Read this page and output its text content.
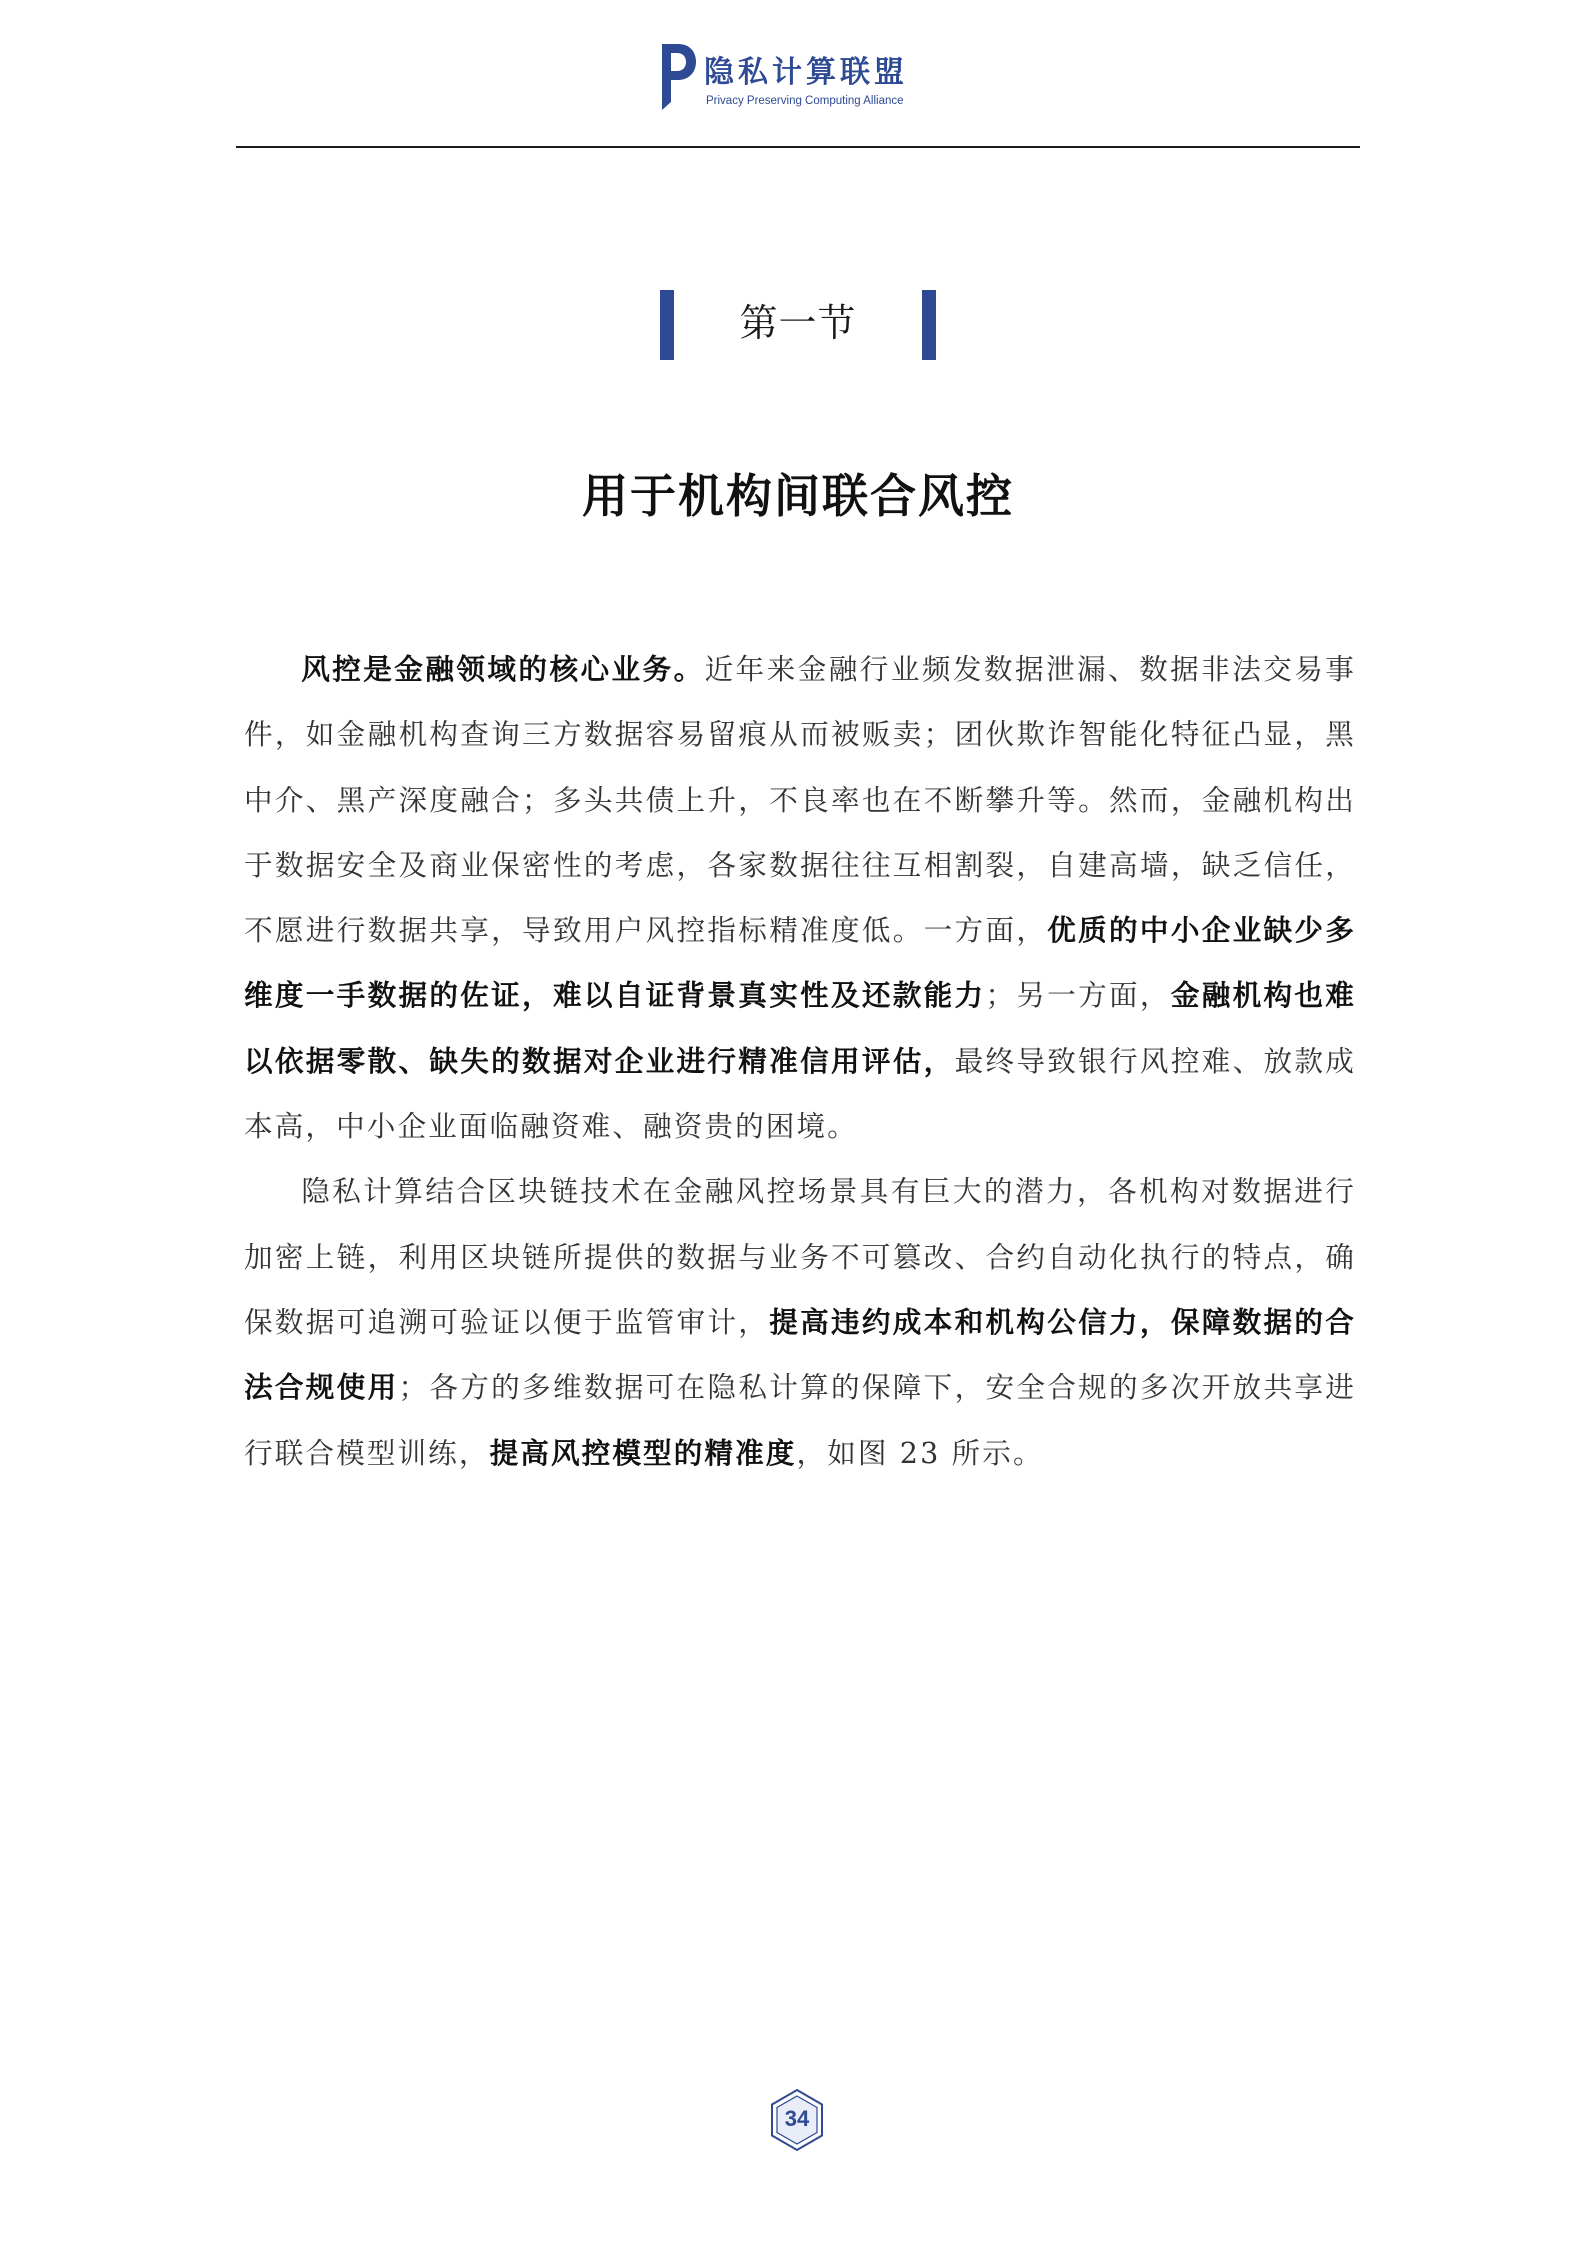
隐私计算联盟
Privacy Preserving Computing Alliance
第一节
用于机构间联合风控

风控是金融领域的核心业务。近年来金融行业频发数据泄漏、数据非法交易事件，如金融机构查询三方数据容易留痕从而被贩卖；团伙欺诈智能化特征凸显，黑中介、黑产深度融合；多头共债上升，不良率也在不断攀升等。然而，金融机构出于数据安全及商业保密性的考虑，各家数据往往互相割裂，自建高墙，缺乏信任，不愿进行数据共享，导致用户风控指标精准度低。一方面，优质的中小企业缺少多维度一手数据的佐证，难以自证背景真实性及还款能力；另一方面，金融机构也难以依据零散、缺失的数据对企业进行精准信用评估，最终导致银行风控难、放款成本高，中小企业面临融资难、融资贵的困境。

隐私计算结合区块链技术在金融风控场景具有巨大的潜力，各机构对数据进行加密上链，利用区块链所提供的数据与业务不可篡改、合约自动化执行的特点，确保数据可追溯可验证以便于监管审计，提高违约成本和机构公信力，保障数据的合法合规使用；各方的多维数据可在隐私计算的保障下，安全合规的多次开放共享进行联合模型训练，提高风控模型的精准度，如图 23 所示。

34
